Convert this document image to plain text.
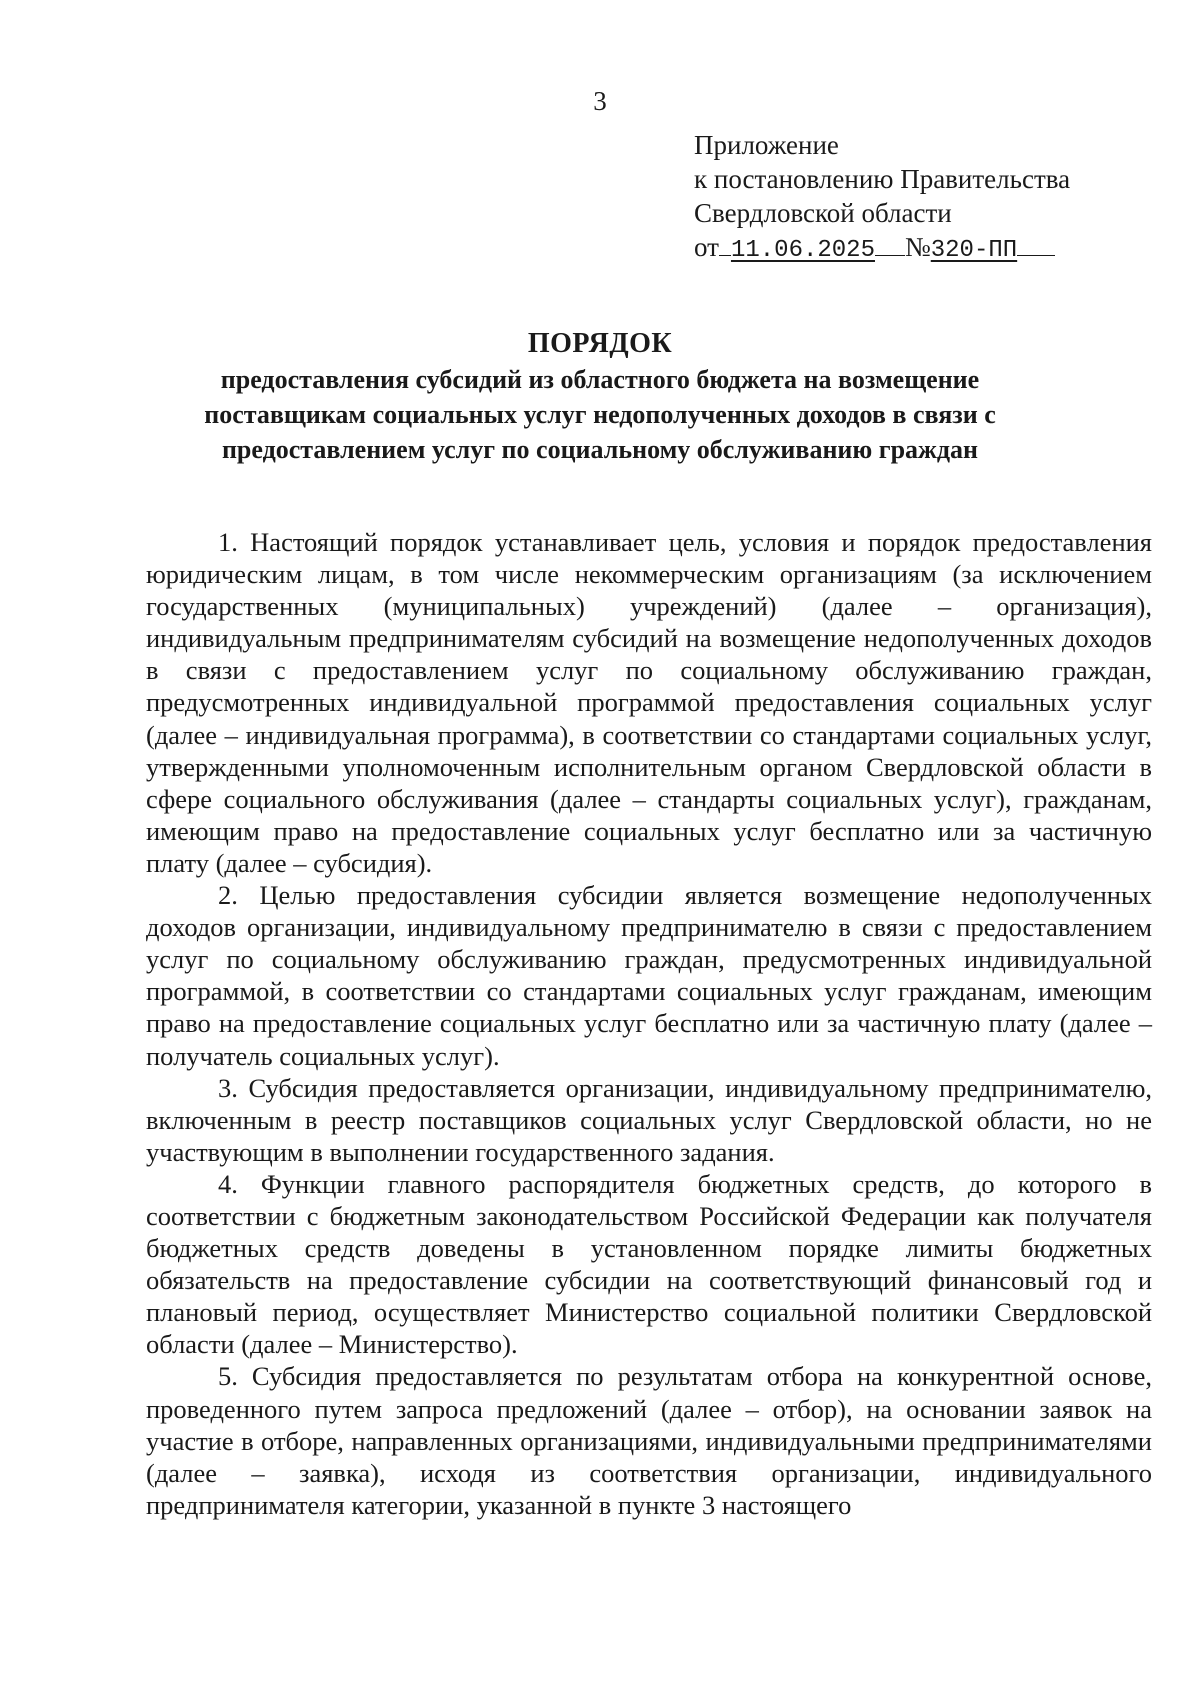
3
Приложение
к постановлению Правительства
Свердловской области
от 11.06.2025 №320-ПП
ПОРЯДОК
предоставления субсидий из областного бюджета на возмещение поставщикам социальных услуг недополученных доходов в связи с предоставлением услуг по социальному обслуживанию граждан

1. Настоящий порядок устанавливает цель, условия и порядок предоставления юридическим лицам, в том числе некоммерческим организациям (за исключением государственных (муниципальных) учреждений) (далее – организация), индивидуальным предпринимателям субсидий на возмещение недополученных доходов в связи с предоставлением услуг по социальному обслуживанию граждан, предусмотренных индивидуальной программой предоставления социальных услуг (далее – индивидуальная программа), в соответствии со стандартами социальных услуг, утвержденными уполномоченным исполнительным органом Свердловской области в сфере социального обслуживания (далее – стандарты социальных услуг), гражданам, имеющим право на предоставление социальных услуг бесплатно или за частичную плату (далее – субсидия).

2. Целью предоставления субсидии является возмещение недополученных доходов организации, индивидуальному предпринимателю в связи с предоставлением услуг по социальному обслуживанию граждан, предусмотренных индивидуальной программой, в соответствии со стандартами социальных услуг гражданам, имеющим право на предоставление социальных услуг бесплатно или за частичную плату (далее – получатель социальных услуг).

3. Субсидия предоставляется организации, индивидуальному предпринимателю, включенным в реестр поставщиков социальных услуг Свердловской области, но не участвующим в выполнении государственного задания.

4. Функции главного распорядителя бюджетных средств, до которого в соответствии с бюджетным законодательством Российской Федерации как получателя бюджетных средств доведены в установленном порядке лимиты бюджетных обязательств на предоставление субсидии на соответствующий финансовый год и плановый период, осуществляет Министерство социальной политики Свердловской области (далее – Министерство).

5. Субсидия предоставляется по результатам отбора на конкурентной основе, проведенного путем запроса предложений (далее – отбор), на основании заявок на участие в отборе, направленных организациями, индивидуальными предпринимателями (далее – заявка), исходя из соответствия организации, индивидуального предпринимателя категории, указанной в пункте 3 настоящего
